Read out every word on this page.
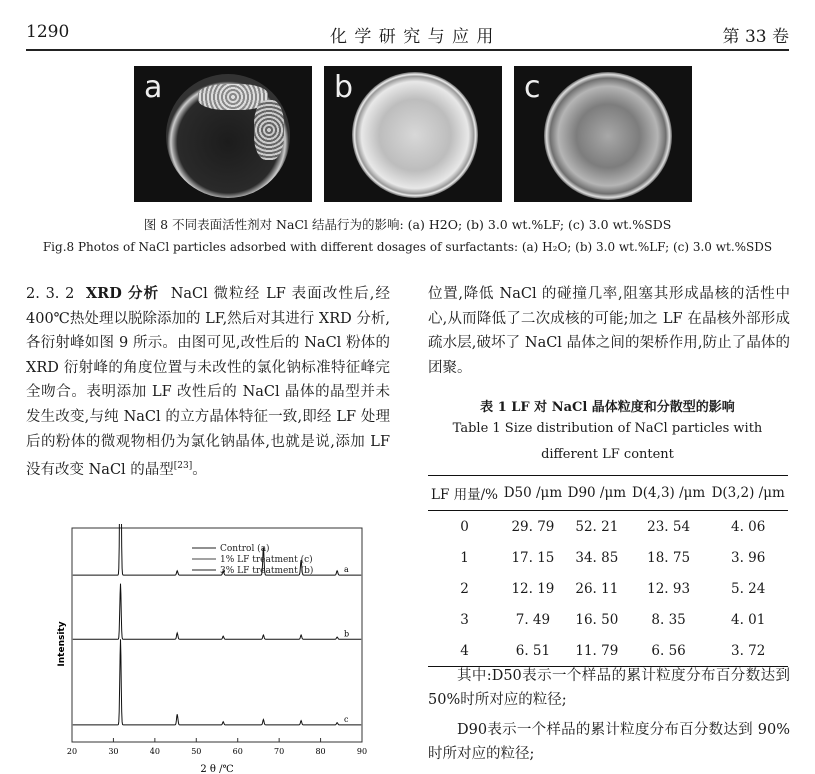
1290	化 学 研 究 与 应 用	第 33 卷
a	b	c
图 8 不同表面活性剂对 NaCl 结晶行为的影响: (a) H2O; (b) 3.0 wt.%LF; (c) 3.0 wt.%SDS
Fig.8 Photos of NaCl particles adsorbed with different dosages of surfactants: (a) H₂O; (b) 3.0 wt.%LF; (c) 3.0 wt.%SDS

2. 3. 2 XRD 分析 NaCl 微粒经 LF 表面改性后,经 400℃热处理以脱除添加的 LF,然后对其进行 XRD 分析,各衍射峰如图 9 所示。由图可见,改性后的 NaCl 粉体的 XRD 衍射峰的角度位置与未改性的氯化钠标准特征峰完全吻合。表明添加 LF 改性后的 NaCl 晶体的晶型并未发生改变,与纯 NaCl 的立方晶体特征一致,即经 LF 处理后的粉体的微观物相仍为氯化钠晶体,也就是说,添加 LF 没有改变 NaCl 的晶型[23]。

a
b
c
20	30	40	50	60	70	80	90
Control (a)
1% LF treatment (c)
3% LF treatment (b)
Intensity
2 θ /℃
位置,降低 NaCl 的碰撞几率,阻塞其形成晶核的活性中心,从而降低了二次成核的可能;加之 LF 在晶核外部形成疏水层,破坏了 NaCl 晶体之间的架桥作用,防止了晶体的团聚。
表 1 LF 对 NaCl 晶体粒度和分散型的影响
Table 1 Size distribution of NaCl particles with
different LF content
LF 用量/%	D50 /μm	D90 /μm	D(4,3) /μm	D(3,2) /μm
0	29. 79	52. 21	23. 54	4. 06
1	17. 15	34. 85	18. 75	3. 96
2	12. 19	26. 11	12. 93	5. 24
3	7. 49	16. 50	8. 35	4. 01
4	6. 51	11. 79	6. 56	3. 72
其中:D50表示一个样品的累计粒度分布百分数达到 50%时所对应的粒径;
D90表示一个样品的累计粒度分布百分数达到 90%时所对应的粒径;
